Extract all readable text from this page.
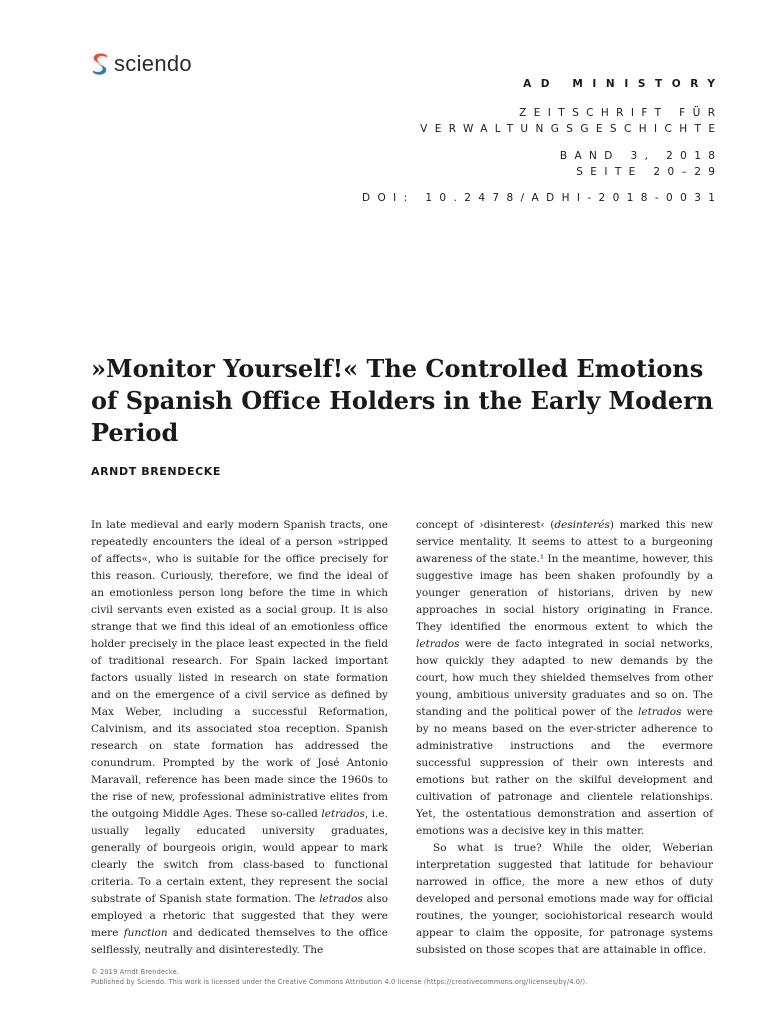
sciendo
AD MINISTORY
ZEITSCHRIFT FÜR
VERWALTUNGSGESCHICHTE
BAND 3, 2018
SEITE 20–29
DOI: 10.2478/ADHI-2018-0031
»Monitor Yourself!« The Controlled Emotions of Spanish Office Holders in the Early Modern Period
ARNDT BRENDECKE

In late medieval and early modern Spanish tracts, one repeatedly encounters the ideal of a person »stripped of affects«, who is suitable for the office precisely for this reason. Curiously, therefore, we find the ideal of an emotionless person long before the time in which civil servants even existed as a social group. It is also strange that we find this ideal of an emotionless office holder precisely in the place least expected in the field of traditional research. For Spain lacked important factors usually listed in research on state formation and on the emergence of a civil service as defined by Max Weber, including a successful Reformation, Calvinism, and its associated stoa reception. Spanish research on state formation has addressed the conundrum. Prompted by the work of José Antonio Maravall, reference has been made since the 1960s to the rise of new, professional administrative elites from the outgoing Middle Ages. These so-called letrados, i.e. usually legally educated university graduates, generally of bourgeois origin, would appear to mark clearly the switch from class-based to functional criteria. To a certain extent, they represent the social substrate of Spanish state formation. The letrados also employed a rhetoric that suggested that they were mere function and dedicated themselves to the office selflessly, neutrally and disinterestedly. The

concept of ›disinterest‹ (desinterés) marked this new service mentality. It seems to attest to a burgeoning awareness of the state.¹ In the meantime, however, this suggestive image has been shaken profoundly by a younger generation of historians, driven by new approaches in social history originating in France. They identified the enormous extent to which the letrados were de facto integrated in social networks, how quickly they adapted to new demands by the court, how much they shielded themselves from other young, ambitious university graduates and so on. The standing and the political power of the letrados were by no means based on the ever-stricter adherence to administrative instructions and the evermore successful suppression of their own interests and emotions but rather on the skilful development and cultivation of patronage and clientele relationships. Yet, the ostentatious demonstration and assertion of emotions was a decisive key in this matter.

So what is true? While the older, Weberian interpretation suggested that latitude for behaviour narrowed in office, the more a new ethos of duty developed and personal emotions made way for official routines, the younger, sociohistorical research would appear to claim the opposite, for patronage systems subsisted on those scopes that are attainable in office.

© 2019 Arndt Brendecke.
Published by Sciendo. This work is licensed under the Creative Commons Attribution 4.0 license (https://creativecommons.org/licenses/by/4.0/).
